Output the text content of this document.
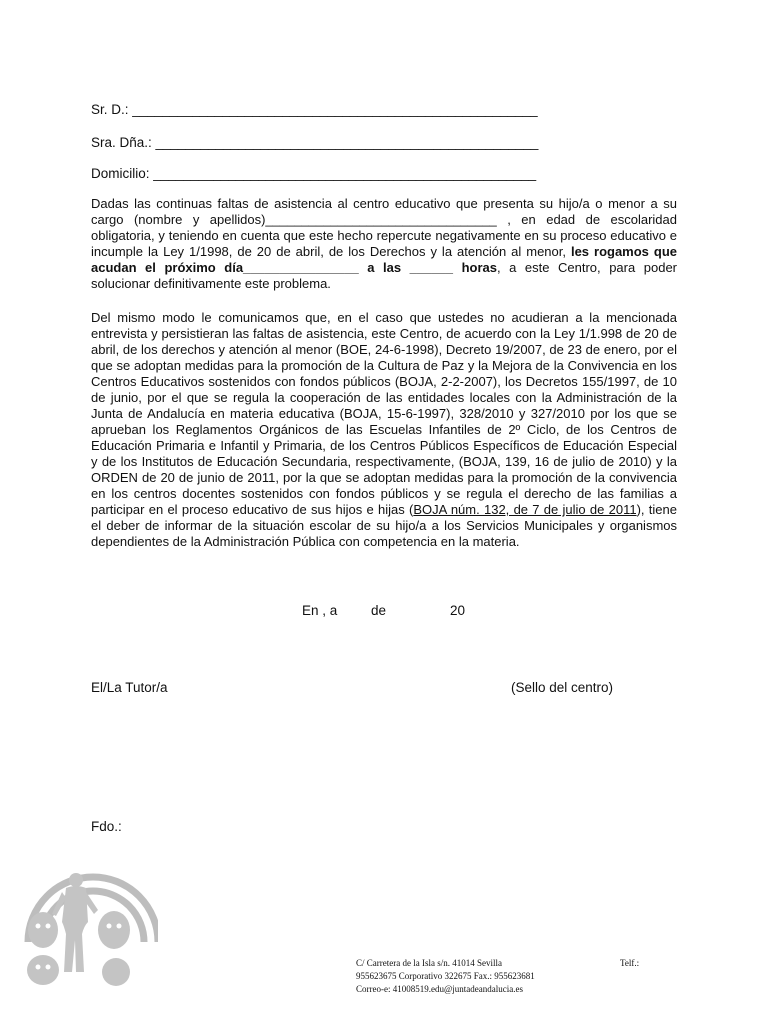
Sr. D.: ______________________________________________________
Sra. Dña.: ___________________________________________________
Domicilio: ___________________________________________________
Dadas las continuas faltas de asistencia al centro educativo que presenta su hijo/a o menor a su cargo (nombre y apellidos)________________________________ , en edad de escolaridad obligatoria, y teniendo en cuenta que este hecho repercute negativamente en su proceso educativo e incumple la Ley 1/1998, de 20 de abril, de los Derechos y la atención al menor, les rogamos que acudan el próximo día________________ a las ______ horas, a este Centro, para poder solucionar definitivamente este problema.
Del mismo modo le comunicamos que, en el caso que ustedes no acudieran a la mencionada entrevista y persistieran las faltas de asistencia, este Centro, de acuerdo con la Ley 1/1.998 de 20 de abril, de los derechos y atención al menor (BOE, 24-6-1998), Decreto 19/2007, de 23 de enero, por el que se adoptan medidas para la promoción de la Cultura de Paz y la Mejora de la Convivencia en los Centros Educativos sostenidos con fondos públicos (BOJA, 2-2-2007), los Decretos 155/1997, de 10 de junio, por el que se regula la cooperación de las entidades locales con la Administración de la Junta de Andalucía en materia educativa (BOJA, 15-6-1997), 328/2010 y 327/2010 por los que se aprueban los Reglamentos Orgánicos de las Escuelas Infantiles de 2º Ciclo, de los Centros de Educación Primaria e Infantil y Primaria, de los Centros Públicos Específicos de Educación Especial y de los Institutos de Educación Secundaria, respectivamente, (BOJA, 139, 16 de julio de 2010) y la ORDEN de 20 de junio de 2011, por la que se adoptan medidas para la promoción de la convivencia en los centros docentes sostenidos con fondos públicos y se regula el derecho de las familias a participar en el proceso educativo de sus hijos e hijas (BOJA núm. 132, de 7 de julio de 2011), tiene el deber de informar de la situación escolar de su hijo/a a los Servicios Municipales y organismos dependientes de la Administración Pública con competencia en la materia.
En , a de	20
El/La Tutor/a	(Sello del centro)
Fdo.:
C/ Carretera de la Isla s/n. 41014 Sevilla
955623675 Corporativo 322675 Fax.: 955623681
Correo-e: 41008519.edu@juntadeandalucia.es
Telf.:
